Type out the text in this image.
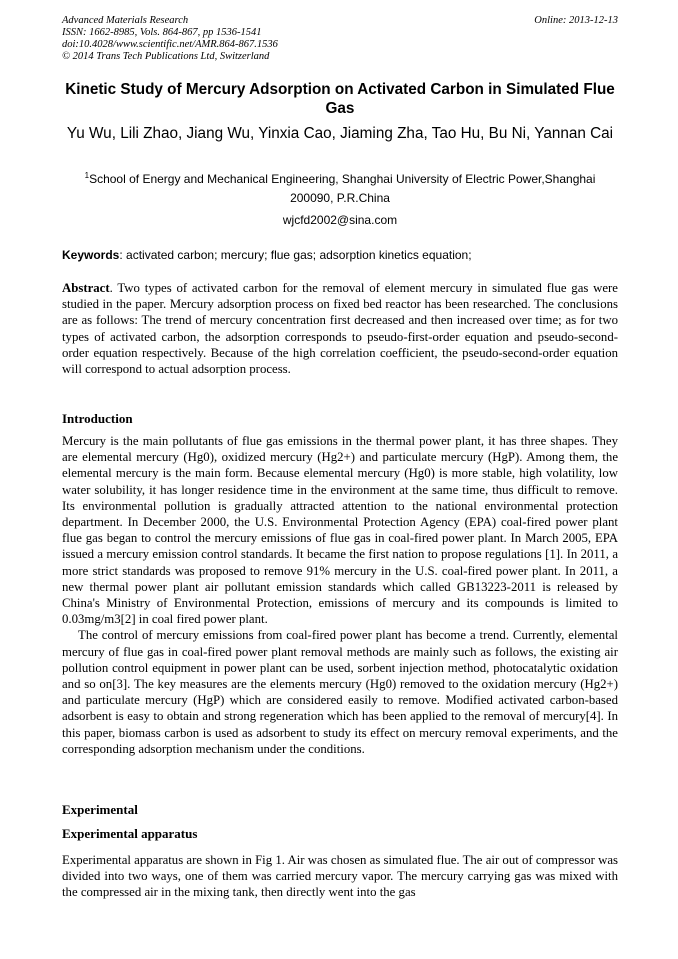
Advanced Materials Research
ISSN: 1662-8985, Vols. 864-867, pp 1536-1541
doi:10.4028/www.scientific.net/AMR.864-867.1536
© 2014 Trans Tech Publications Ltd, Switzerland
Online: 2013-12-13
Kinetic Study of Mercury Adsorption on Activated Carbon in Simulated Flue Gas
Yu Wu, Lili Zhao, Jiang Wu, Yinxia Cao, Jiaming Zha, Tao Hu, Bu Ni, Yannan Cai
$^1$School of Energy and Mechanical Engineering, Shanghai University of Electric Power,Shanghai 200090, P.R.China
wjcfd2002@sina.com
Keywords: activated carbon; mercury; flue gas; adsorption kinetics equation;
Abstract. Two types of activated carbon for the removal of element mercury in simulated flue gas were studied in the paper. Mercury adsorption process on fixed bed reactor has been researched. The conclusions are as follows: The trend of mercury concentration first decreased and then increased over time; as for two types of activated carbon, the adsorption corresponds to pseudo-first-order equation and pseudo-second-order equation respectively. Because of the high correlation coefficient, the pseudo-second-order equation will correspond to actual adsorption process.
Introduction

Mercury is the main pollutants of flue gas emissions in the thermal power plant, it has three shapes. They are elemental mercury (Hg0), oxidized mercury (Hg2+) and particulate mercury (HgP). Among them, the elemental mercury is the main form. Because elemental mercury (Hg0) is more stable, high volatility, low water solubility, it has longer residence time in the environment at the same time, thus difficult to remove. Its environmental pollution is gradually attracted attention to the national environmental protection department. In December 2000, the U.S. Environmental Protection Agency (EPA) coal-fired power plant flue gas began to control the mercury emissions of flue gas in coal-fired power plant. In March 2005, EPA issued a mercury emission control standards. It became the first nation to propose regulations [1]. In 2011, a more strict standards was proposed to remove 91% mercury in the U.S. coal-fired power plant. In 2011, a new thermal power plant air pollutant emission standards which called GB13223-2011 is released by China's Ministry of Environmental Protection, emissions of mercury and its compounds is limited to 0.03mg/m3[2] in coal fired power plant.

The control of mercury emissions from coal-fired power plant has become a trend. Currently, elemental mercury of flue gas in coal-fired power plant removal methods are mainly such as follows, the existing air pollution control equipment in power plant can be used, sorbent injection method, photocatalytic oxidation and so on[3]. The key measures are the elements mercury (Hg0) removed to the oxidation mercury (Hg2+) and particulate mercury (HgP) which are considered easily to remove. Modified activated carbon-based adsorbent is easy to obtain and strong regeneration which has been applied to the removal of mercury[4]. In this paper, biomass carbon is used as adsorbent to study its effect on mercury removal experiments, and the corresponding adsorption mechanism under the conditions.

Experimental
Experimental apparatus

Experimental apparatus are shown in Fig 1. Air was chosen as simulated flue. The air out of compressor was divided into two ways, one of them was carried mercury vapor. The mercury carrying gas was mixed with the compressed air in the mixing tank, then directly went into the gas
